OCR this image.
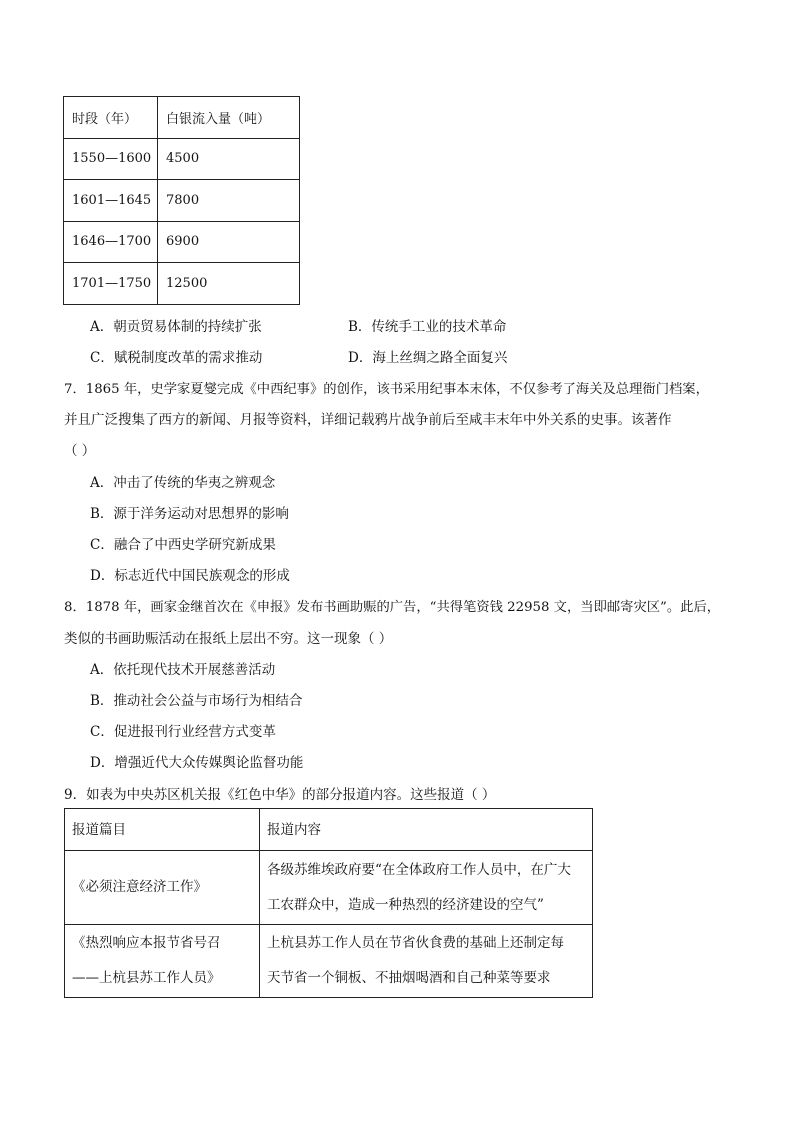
时段（年）	白银流入量（吨）
1550—1600	4500
1601—1645	7800
1646—1700	6900
1701—1750	12500
A．朝贡贸易体制的持续扩张	B．传统手工业的技术革命
C．赋税制度改革的需求推动	D．海上丝绸之路全面复兴
7．1865 年，史学家夏燮完成《中西纪事》的创作，该书采用纪事本末体，不仅参考了海关及总理衙门档案，
并且广泛搜集了西方的新闻、月报等资料，详细记载鸦片战争前后至咸丰末年中外关系的史事。该著作
（ ）
A．冲击了传统的华夷之辨观念
B．源于洋务运动对思想界的影响
C．融合了中西史学研究新成果
D．标志近代中国民族观念的形成
8．1878 年，画家金继首次在《申报》发布书画助赈的广告，“共得笔资钱 22958 文，当即邮寄灾区”。此后，
类似的书画助赈活动在报纸上层出不穷。这一现象（ ）
A．依托现代技术开展慈善活动
B．推动社会公益与市场行为相结合
C．促进报刊行业经营方式变革
D．增强近代大众传媒舆论监督功能
9．如表为中央苏区机关报《红色中华》的部分报道内容。这些报道（ ）
报道篇目	报道内容

《必须注意经济工作》	各级苏维埃政府要“在全体政府工作人员中，在广大
工农群众中，造成一种热烈的经济建设的空气”

《热烈响应本报节省号召
——上杭县苏工作人员》	上杭县苏工作人员在节省伙食费的基础上还制定每
天节省一个铜板、不抽烟喝酒和自己种菜等要求
